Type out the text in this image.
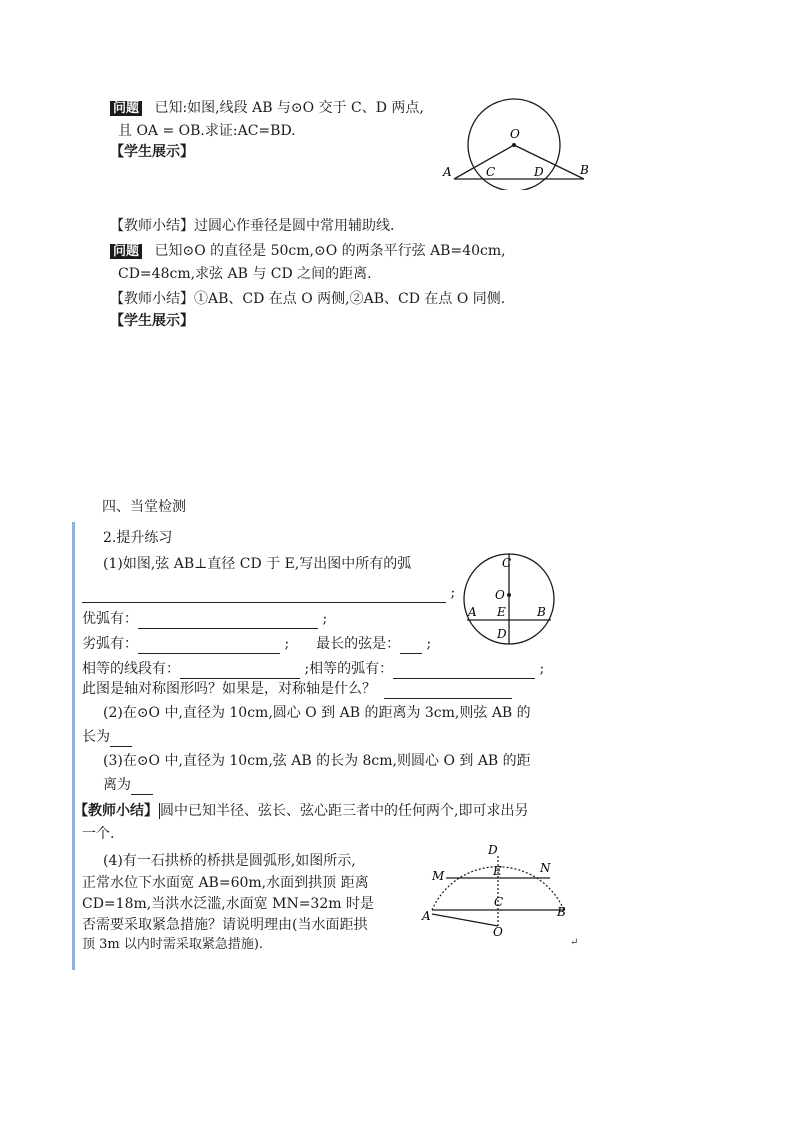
问题 已知:如图,线段 AB 与⊙O 交于 C、D 两点,
且 OA = OB.求证:AC=BD.
【学生展示】
O
A	C	D	B
【教师小结】过圆心作垂径是圆中常用辅助线.
问题 已知⊙O 的直径是 50cm,⊙O 的两条平行弦 AB=40cm,
CD=48cm,求弦 AB 与 CD 之间的距离.
【教师小结】①AB、CD 在点 O 两侧,②AB、CD 在点 O 同侧.
【学生展示】
四、当堂检测
2.提升练习
(1)如图,弦 AB⊥直径 CD 于 E,写出图中所有的弧
;
优弧有：	;
劣弧有：	; 最长的弦是： ;
相等的线段有：	;相等的弧有：	;
此图是轴对称图形吗？如果是，对称轴是什么？
C
O
A E	B
D
(2)在⊙O 中,直径为 10cm,圆心 O 到 AB 的距离为 3cm,则弦 AB 的
长为
(3)在⊙O 中,直径为 10cm,弦 AB 的长为 8cm,则圆心 O 到 AB 的距
离为
【教师小结】 圆中已知半径、弦长、弦心距三者中的任何两个,即可求出另
一个.
(4)有一石拱桥的桥拱是圆弧形,如图所示,
正常水位下水面宽 AB=60m,水面到拱顶 距离
CD=18m,当洪水泛滥,水面宽 MN=32m 时是
否需要采取紧急措施？请说明理由(当水面距拱
顶 3m 以内时需采取紧急措施).
D
M	E	N
C
A	B
O
↵
